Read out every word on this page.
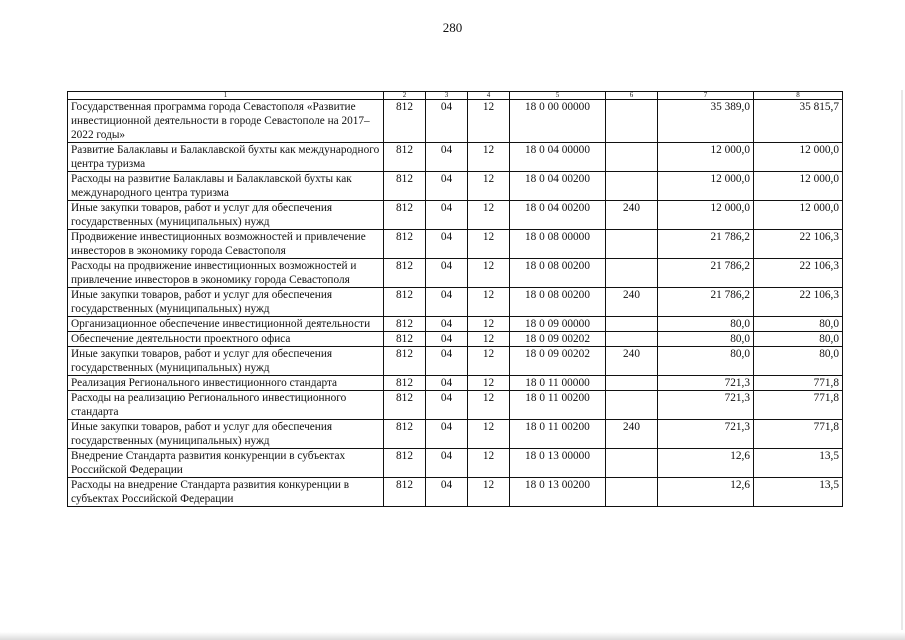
280
1	2	3	4	5	6	7	8
Государственная программа города Севастополя «Развитие инвестиционной деятельности в городе Севастополе на 2017–2022 годы»	812	04	12	18 0 00 00000		35 389,0	35 815,7
Развитие Балаклавы и Балаклавской бухты как международного центра туризма	812	04	12	18 0 04 00000		12 000,0	12 000,0
Расходы на развитие Балаклавы и Балаклавской бухты как международного центра туризма	812	04	12	18 0 04 00200		12 000,0	12 000,0
Иные закупки товаров, работ и услуг для обеспечения государственных (муниципальных) нужд	812	04	12	18 0 04 00200	240	12 000,0	12 000,0
Продвижение инвестиционных возможностей и привлечение инвесторов в экономику города Севастополя	812	04	12	18 0 08 00000		21 786,2	22 106,3
Расходы на продвижение инвестиционных возможностей и привлечение инвесторов в экономику города Севастополя	812	04	12	18 0 08 00200		21 786,2	22 106,3
Иные закупки товаров, работ и услуг для обеспечения государственных (муниципальных) нужд	812	04	12	18 0 08 00200	240	21 786,2	22 106,3
Организационное обеспечение инвестиционной деятельности	812	04	12	18 0 09 00000		80,0	80,0
Обеспечение деятельности проектного офиса	812	04	12	18 0 09 00202		80,0	80,0
Иные закупки товаров, работ и услуг для обеспечения государственных (муниципальных) нужд	812	04	12	18 0 09 00202	240	80,0	80,0
Реализация Регионального инвестиционного стандарта	812	04	12	18 0 11 00000		721,3	771,8
Расходы на реализацию Регионального инвестиционного стандарта	812	04	12	18 0 11 00200		721,3	771,8
Иные закупки товаров, работ и услуг для обеспечения государственных (муниципальных) нужд	812	04	12	18 0 11 00200	240	721,3	771,8
Внедрение Стандарта развития конкуренции в субъектах Российской Федерации	812	04	12	18 0 13 00000		12,6	13,5
Расходы на внедрение Стандарта развития конкуренции в субъектах Российской Федерации	812	04	12	18 0 13 00200		12,6	13,5
